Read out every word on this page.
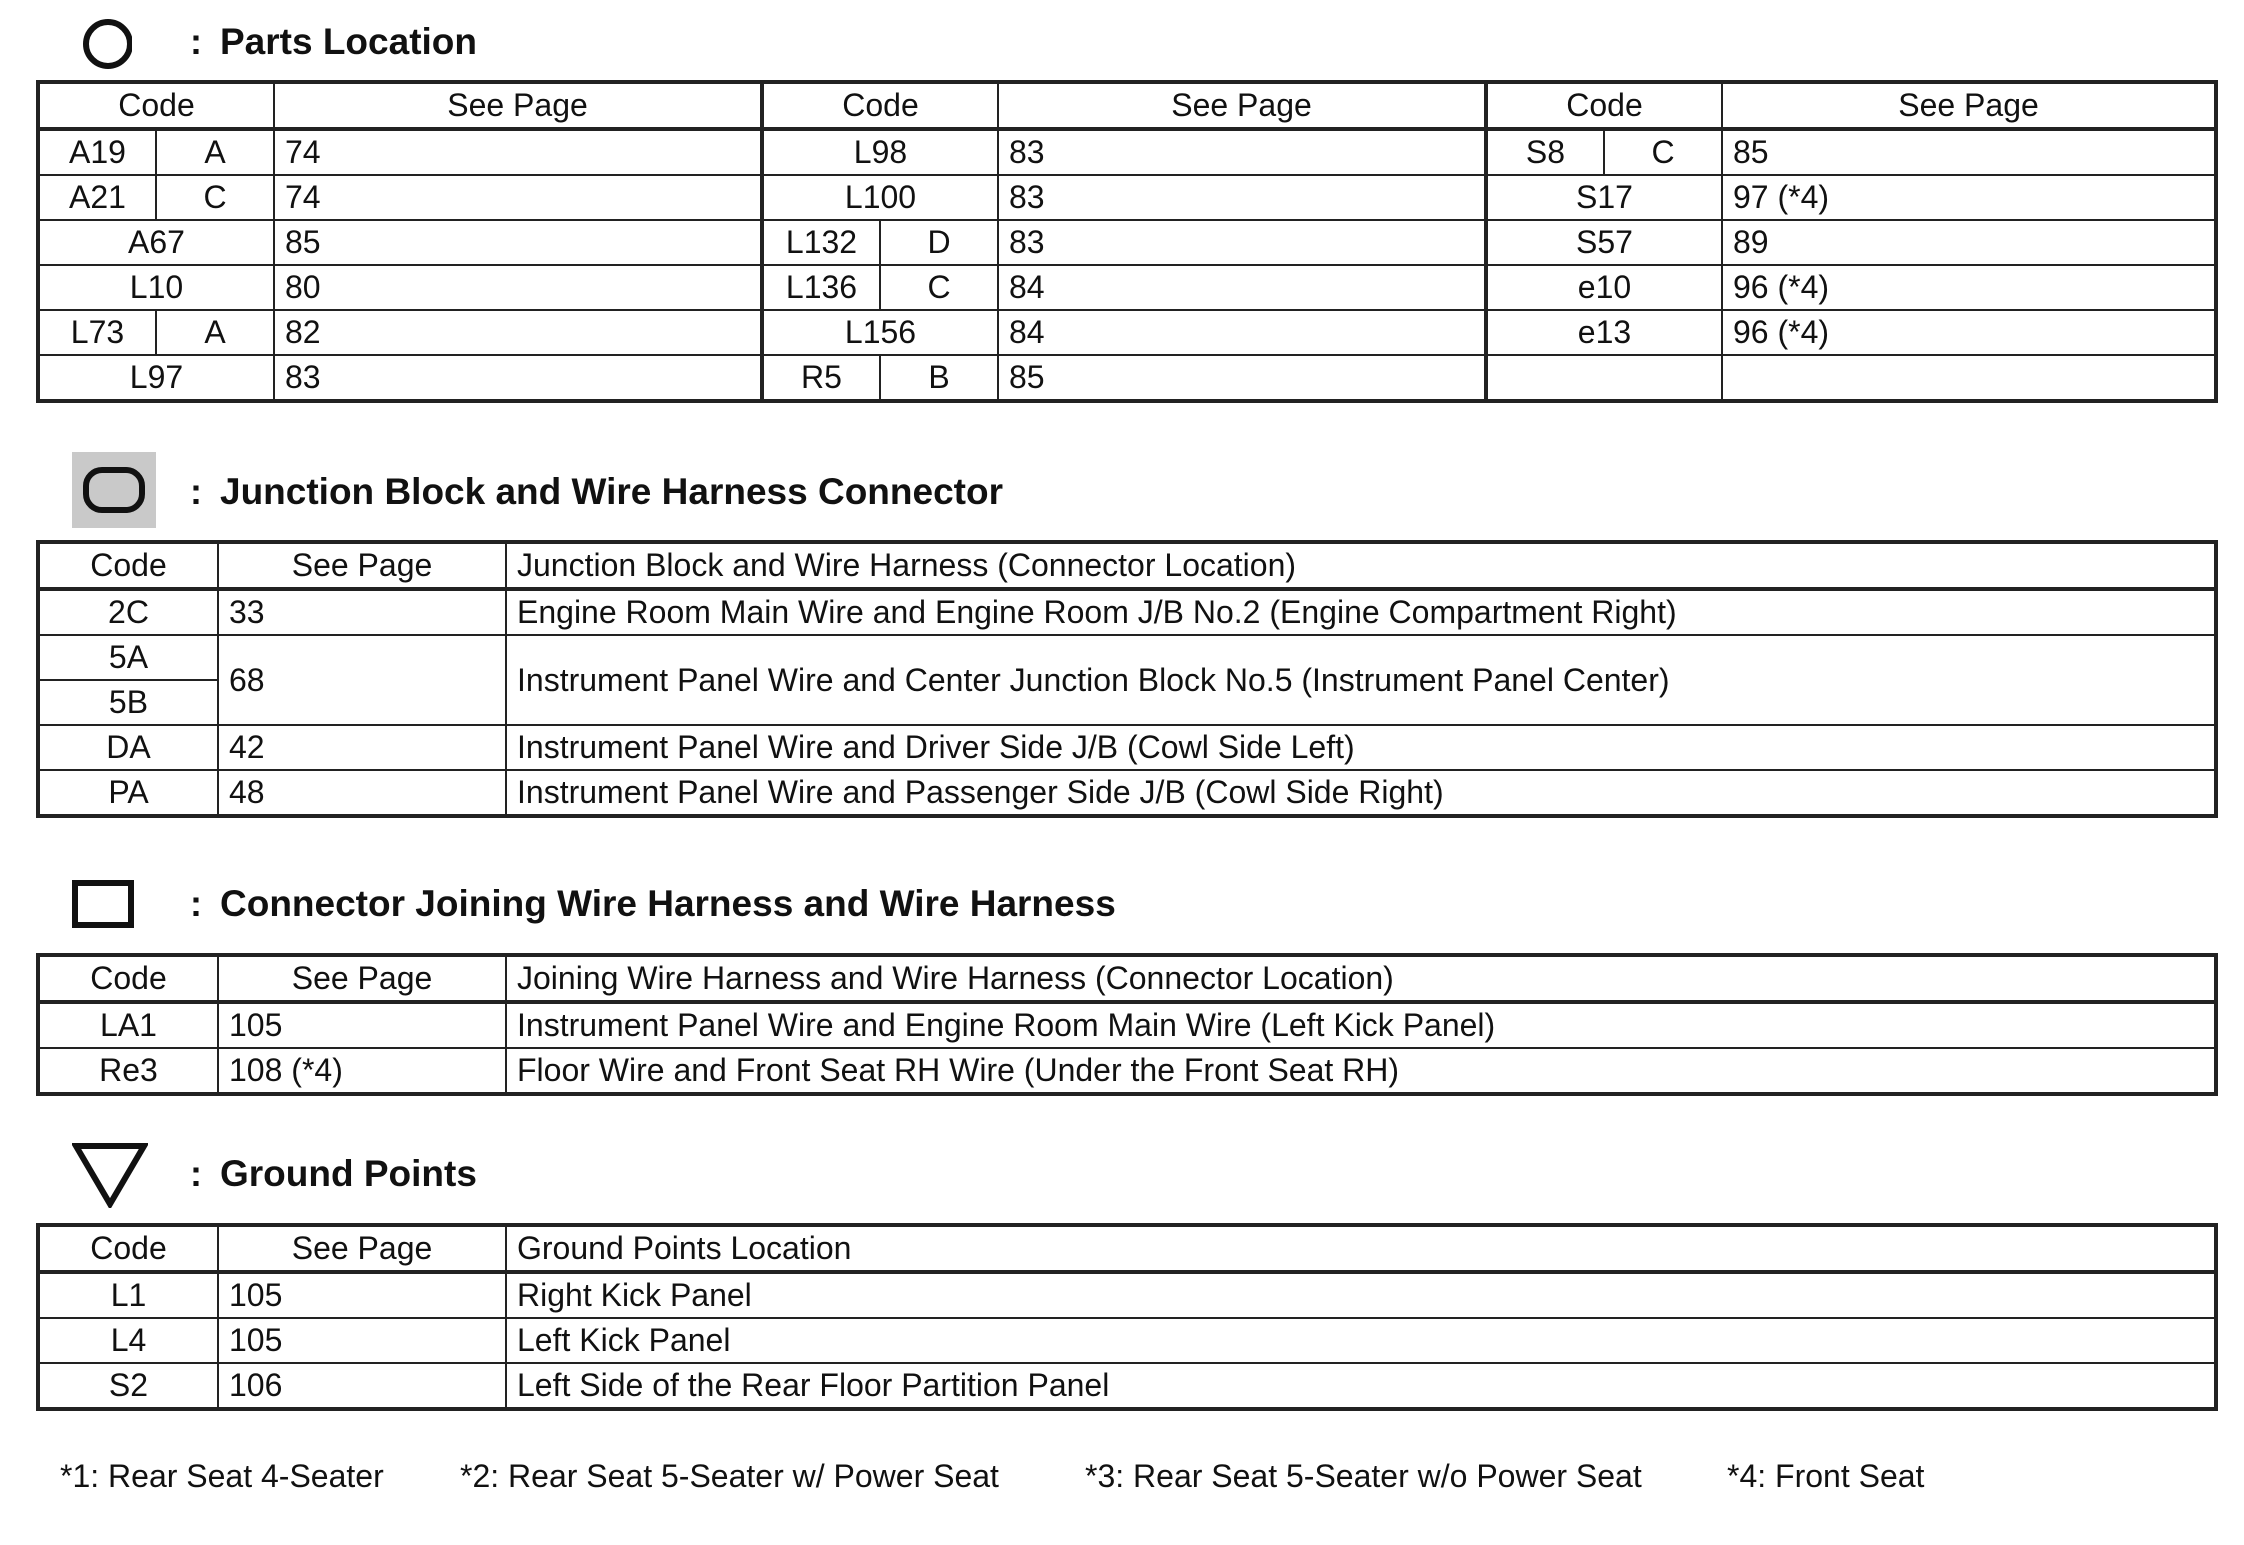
: Parts Location
Code		See Page	Code		See Page	Code		See Page
A19	A	74	L98		83	S8	C	85
A21	C	74	L100		83	S17		97 (*4)
A67		85	L132	D	83	S57		89
L10		80	L136	C	84	e10		96 (*4)
L73	A	82	L156		84	e13		96 (*4)
L97		83	R5	B	85			
: Junction Block and Wire Harness Connector
Code	See Page	Junction Block and Wire Harness (Connector Location)
2C	33	Engine Room Main Wire and Engine Room J/B No.2 (Engine Compartment Right)
5A	68	Instrument Panel Wire and Center Junction Block No.5 (Instrument Panel Center)
5B		
DA	42	Instrument Panel Wire and Driver Side J/B (Cowl Side Left)
PA	48	Instrument Panel Wire and Passenger Side J/B (Cowl Side Right)
: Connector Joining Wire Harness and Wire Harness
Code	See Page	Joining Wire Harness and Wire Harness (Connector Location)
LA1	105	Instrument Panel Wire and Engine Room Main Wire (Left Kick Panel)
Re3	108 (*4)	Floor Wire and Front Seat RH Wire (Under the Front Seat RH)
: Ground Points
Code	See Page	Ground Points Location
L1	105	Right Kick Panel
L4	105	Left Kick Panel
S2	106	Left Side of the Rear Floor Partition Panel
*1: Rear Seat 4-Seater	*2: Rear Seat 5-Seater w/ Power Seat	*3: Rear Seat 5-Seater w/o Power Seat	*4: Front Seat
